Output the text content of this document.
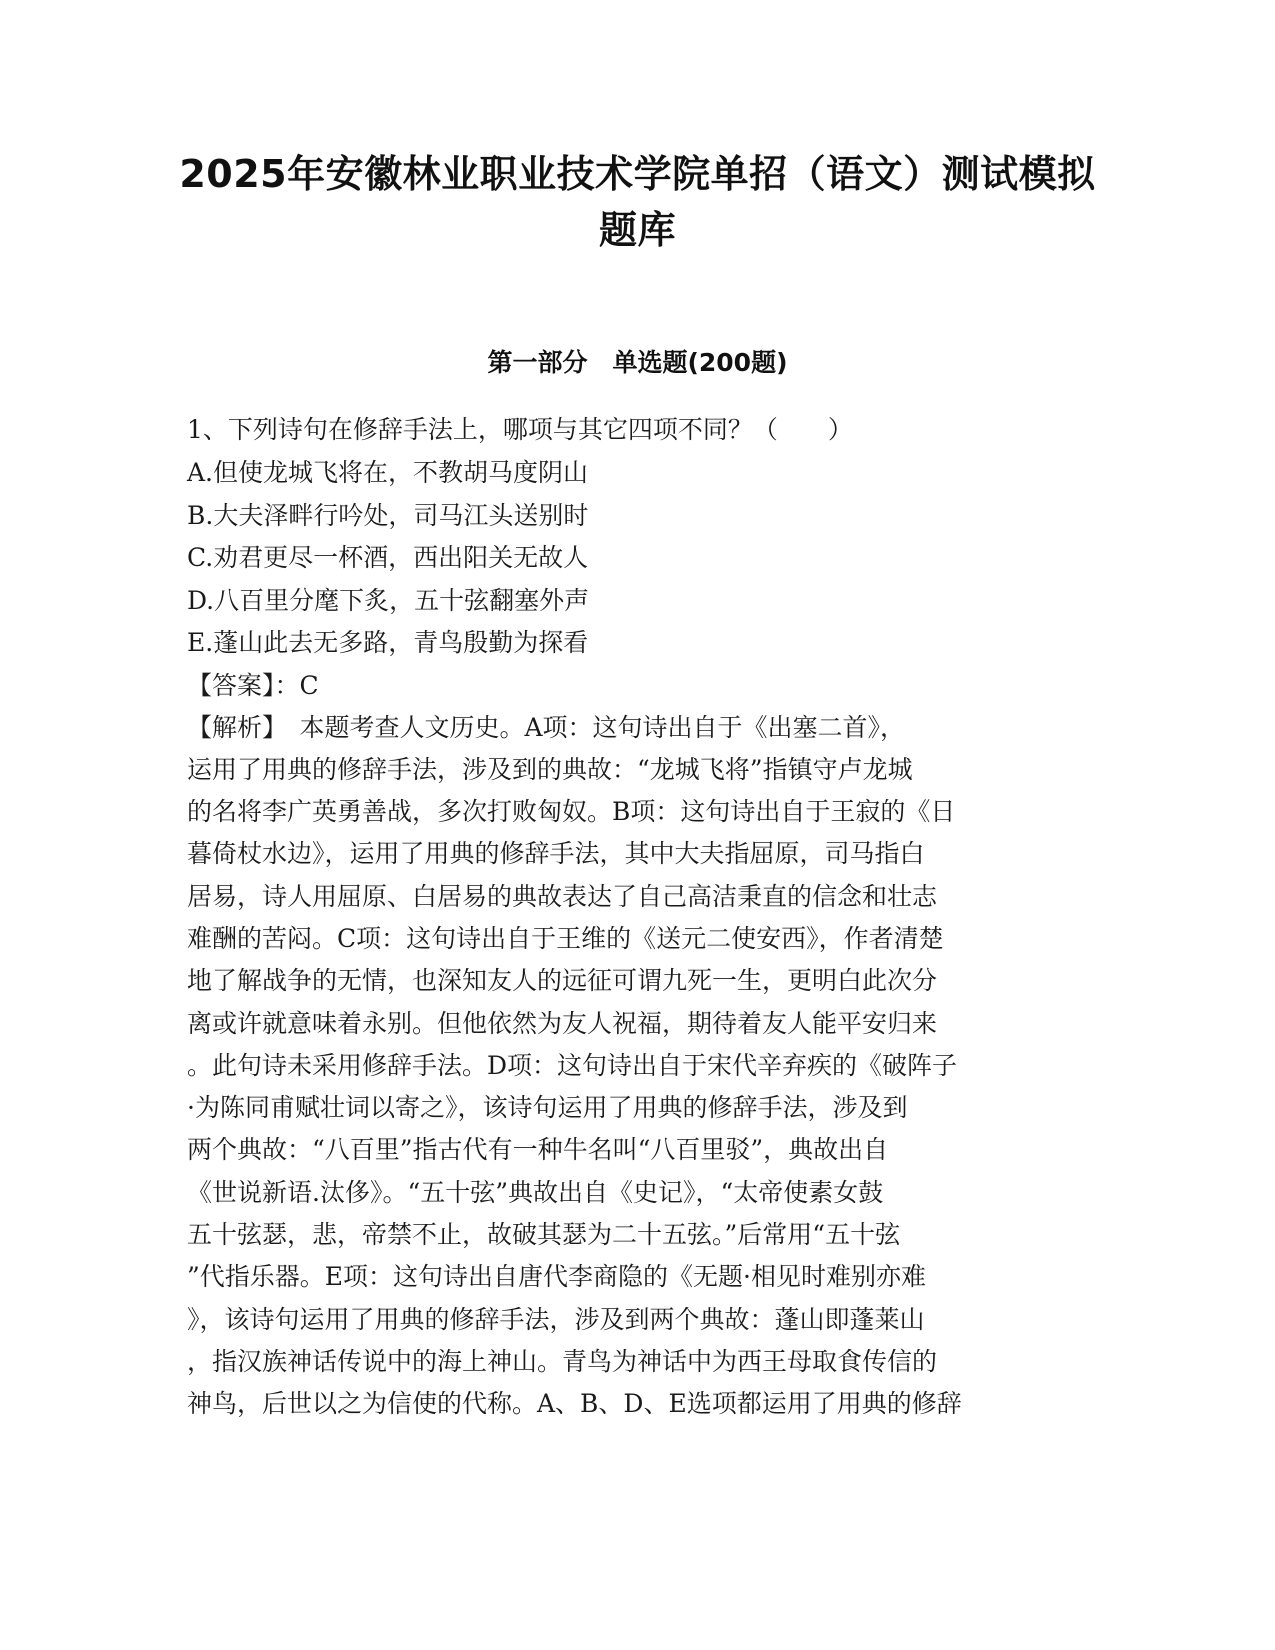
2025年安徽林业职业技术学院单招（语文）测试模拟
题库
第一部分　单选题(200题)
1、下列诗句在修辞手法上，哪项与其它四项不同？（　　）
A.但使龙城飞将在，不教胡马度阴山
B.大夫泽畔行吟处，司马江头送别时
C.劝君更尽一杯酒，西出阳关无故人
D.八百里分麾下炙，五十弦翻塞外声
E.蓬山此去无多路，青鸟殷勤为探看
【答案】：C
【解析】　本题考查人文历史。A项：这句诗出自于《出塞二首》，
运用了用典的修辞手法，涉及到的典故：“龙城飞将”指镇守卢龙城
的名将李广英勇善战，多次打败匈奴。B项：这句诗出自于王寂的《日
暮倚杖水边》，运用了用典的修辞手法，其中大夫指屈原，司马指白
居易，诗人用屈原、白居易的典故表达了自己高洁秉直的信念和壮志
难酬的苦闷。C项：这句诗出自于王维的《送元二使安西》，作者清楚
地了解战争的无情，也深知友人的远征可谓九死一生，更明白此次分
离或许就意味着永别。但他依然为友人祝福，期待着友人能平安归来
。此句诗未采用修辞手法。D项：这句诗出自于宋代辛弃疾的《破阵子
·为陈同甫赋壮词以寄之》，该诗句运用了用典的修辞手法，涉及到
两个典故：“八百里”指古代有一种牛名叫“八百里驳”，典故出自
《世说新语.汰侈》。“五十弦”典故出自《史记》，“太帝使素女鼓
五十弦瑟，悲，帝禁不止，故破其瑟为二十五弦。”后常用“五十弦
”代指乐器。E项：这句诗出自唐代李商隐的《无题·相见时难别亦难
》，该诗句运用了用典的修辞手法，涉及到两个典故：蓬山即蓬莱山
，指汉族神话传说中的海上神山。青鸟为神话中为西王母取食传信的
神鸟，后世以之为信使的代称。A、B、D、E选项都运用了用典的修辞
